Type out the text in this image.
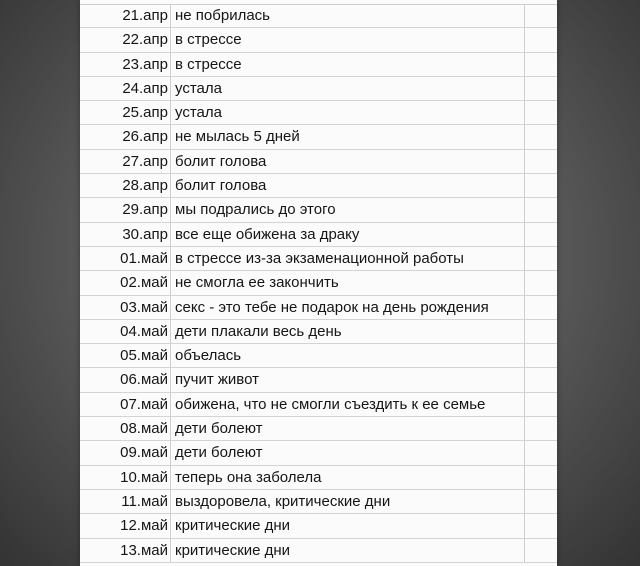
21.апр не побрилась
22.апр в стрессе
23.апр в стрессе
24.апр устала
25.апр устала
26.апр не мылась 5 дней
27.апр болит голова
28.апр болит голова
29.апр мы подрались до этого
30.апр все еще обижена за драку
01.май в стрессе из-за экзаменационной работы
02.май не смогла ее закончить
03.май секс - это тебе не подарок на день рождения
04.май дети плакали весь день
05.май объелась
06.май пучит живот
07.май обижена, что не смогли съездить к ее семье
08.май дети болеют
09.май дети болеют
10.май теперь она заболела
11.май выздоровела, критические дни
12.май критические дни
13.май критические дни
